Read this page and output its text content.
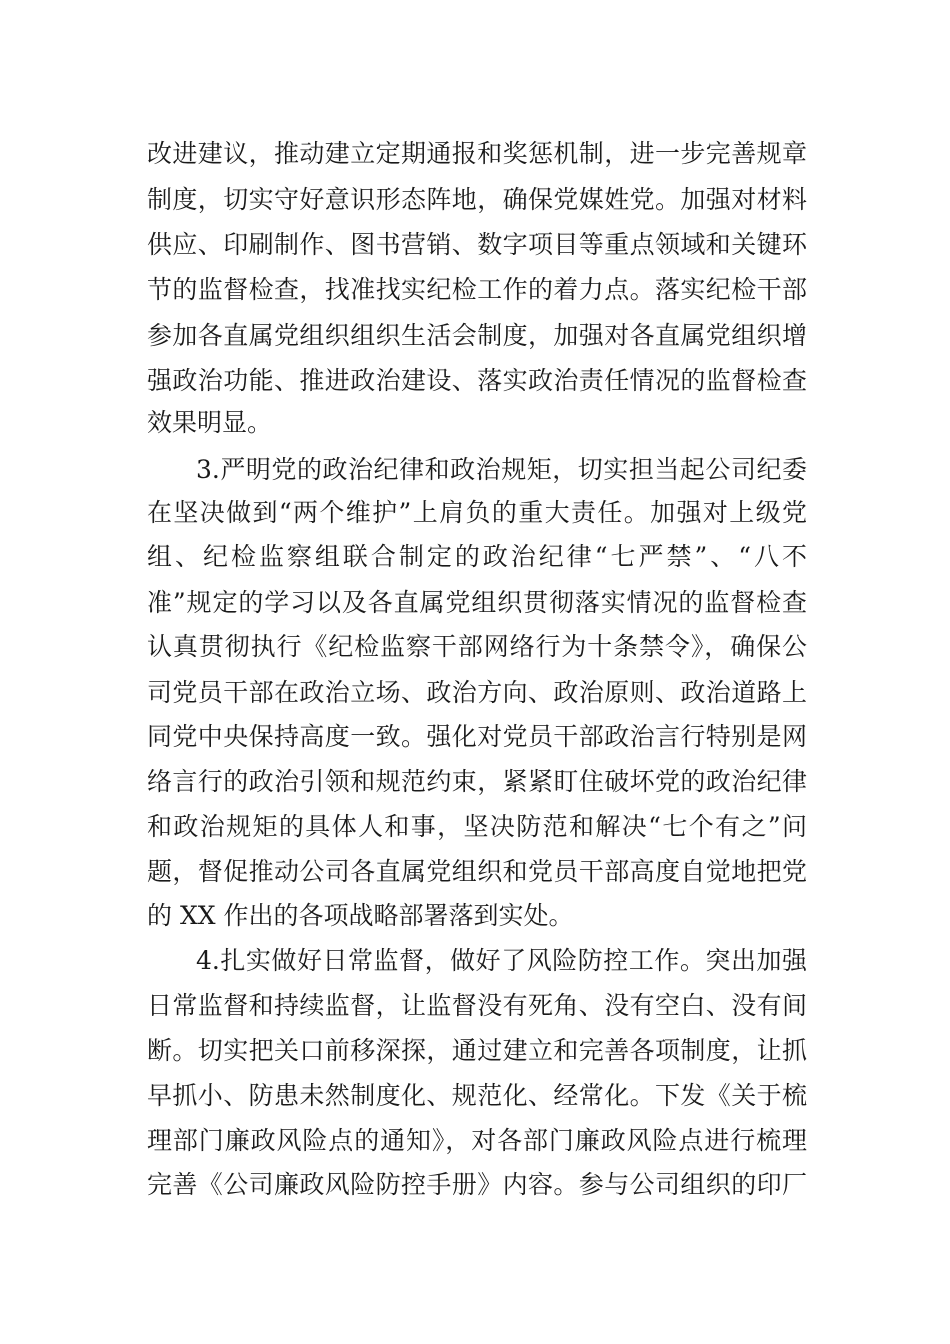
改进建议，推动建立定期通报和奖惩机制，进一步完善规章
制度，切实守好意识形态阵地，确保党媒姓党。加强对材料
供应、印刷制作、图书营销、数字项目等重点领域和关键环
节的监督检查，找准找实纪检工作的着力点。落实纪检干部
参加各直属党组织组织生活会制度，加强对各直属党组织增
强政治功能、推进政治建设、落实政治责任情况的监督检查
效果明显。
3.严明党的政治纪律和政治规矩，切实担当起公司纪委
在坚决做到“两个维护”上肩负的重大责任。加强对上级党
组、纪检监察组联合制定的政治纪律“七严禁”、“八不
准”规定的学习以及各直属党组织贯彻落实情况的监督检查
认真贯彻执行《纪检监察干部网络行为十条禁令》，确保公
司党员干部在政治立场、政治方向、政治原则、政治道路上
同党中央保持高度一致。强化对党员干部政治言行特别是网
络言行的政治引领和规范约束，紧紧盯住破坏党的政治纪律
和政治规矩的具体人和事，坚决防范和解决“七个有之”问
题，督促推动公司各直属党组织和党员干部高度自觉地把党
的 XX 作出的各项战略部署落到实处。
4.扎实做好日常监督，做好了风险防控工作。突出加强
日常监督和持续监督，让监督没有死角、没有空白、没有间
断。切实把关口前移深探，通过建立和完善各项制度，让抓
早抓小、防患未然制度化、规范化、经常化。下发《关于梳
理部门廉政风险点的通知》，对各部门廉政风险点进行梳理
完善《公司廉政风险防控手册》内容。参与公司组织的印厂
